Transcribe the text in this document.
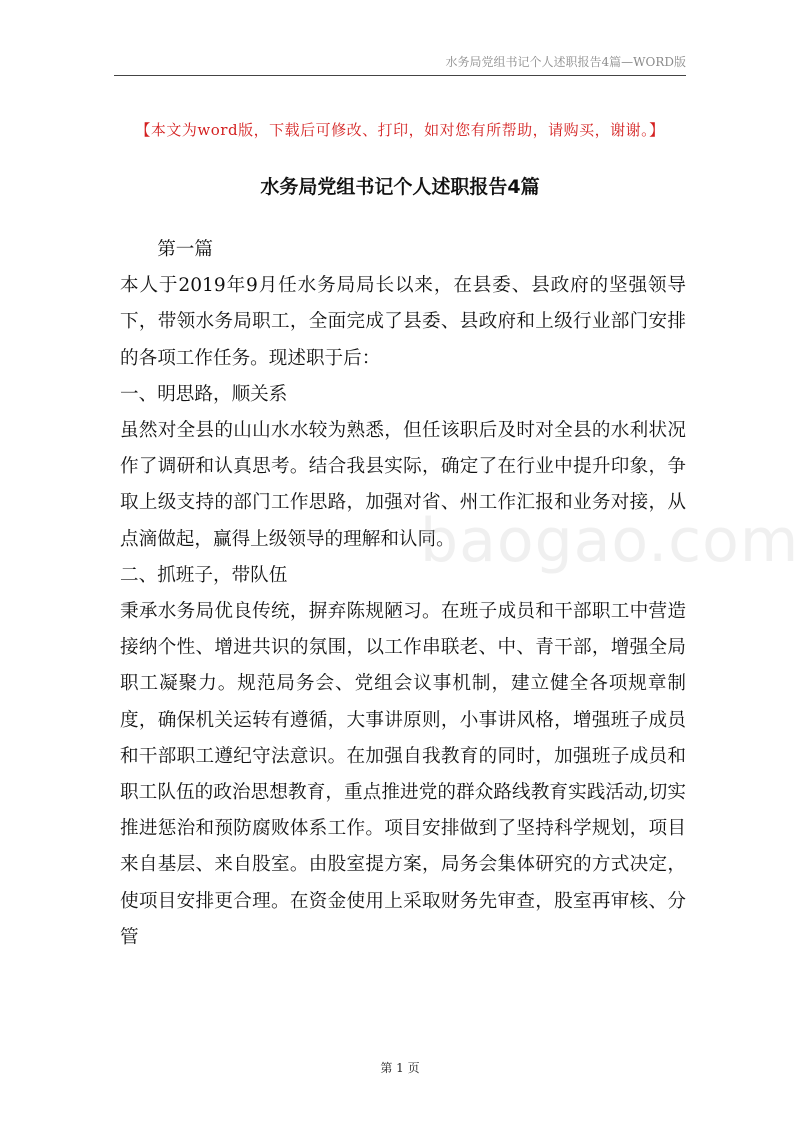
水务局党组书记个人述职报告4篇—WORD版
【本文为word版，下载后可修改、打印，如对您有所帮助，请购买，谢谢。】
水务局党组书记个人述职报告4篇

第一篇

本人于2019年9月任水务局局长以来，在县委、县政府的坚强领导下，带领水务局职工，全面完成了县委、县政府和上级行业部门安排的各项工作任务。现述职于后：

一、明思路，顺关系

虽然对全县的山山水水较为熟悉，但任该职后及时对全县的水利状况作了调研和认真思考。结合我县实际，确定了在行业中提升印象，争取上级支持的部门工作思路，加强对省、州工作汇报和业务对接，从点滴做起，赢得上级领导的理解和认同。

二、抓班子，带队伍

秉承水务局优良传统，摒弃陈规陋习。在班子成员和干部职工中营造接纳个性、增进共识的氛围，以工作串联老、中、青干部，增强全局职工凝聚力。规范局务会、党组会议事机制，建立健全各项规章制度，确保机关运转有遵循，大事讲原则，小事讲风格，增强班子成员和干部职工遵纪守法意识。在加强自我教育的同时，加强班子成员和职工队伍的政治思想教育，重点推进党的群众路线教育实践活动,切实推进惩治和预防腐败体系工作。项目安排做到了坚持科学规划，项目来自基层、来自股室。由股室提方案，局务会集体研究的方式决定，使项目安排更合理。在资金使用上采取财务先审查，股室再审核、分管

baogao.com
第 1 页
